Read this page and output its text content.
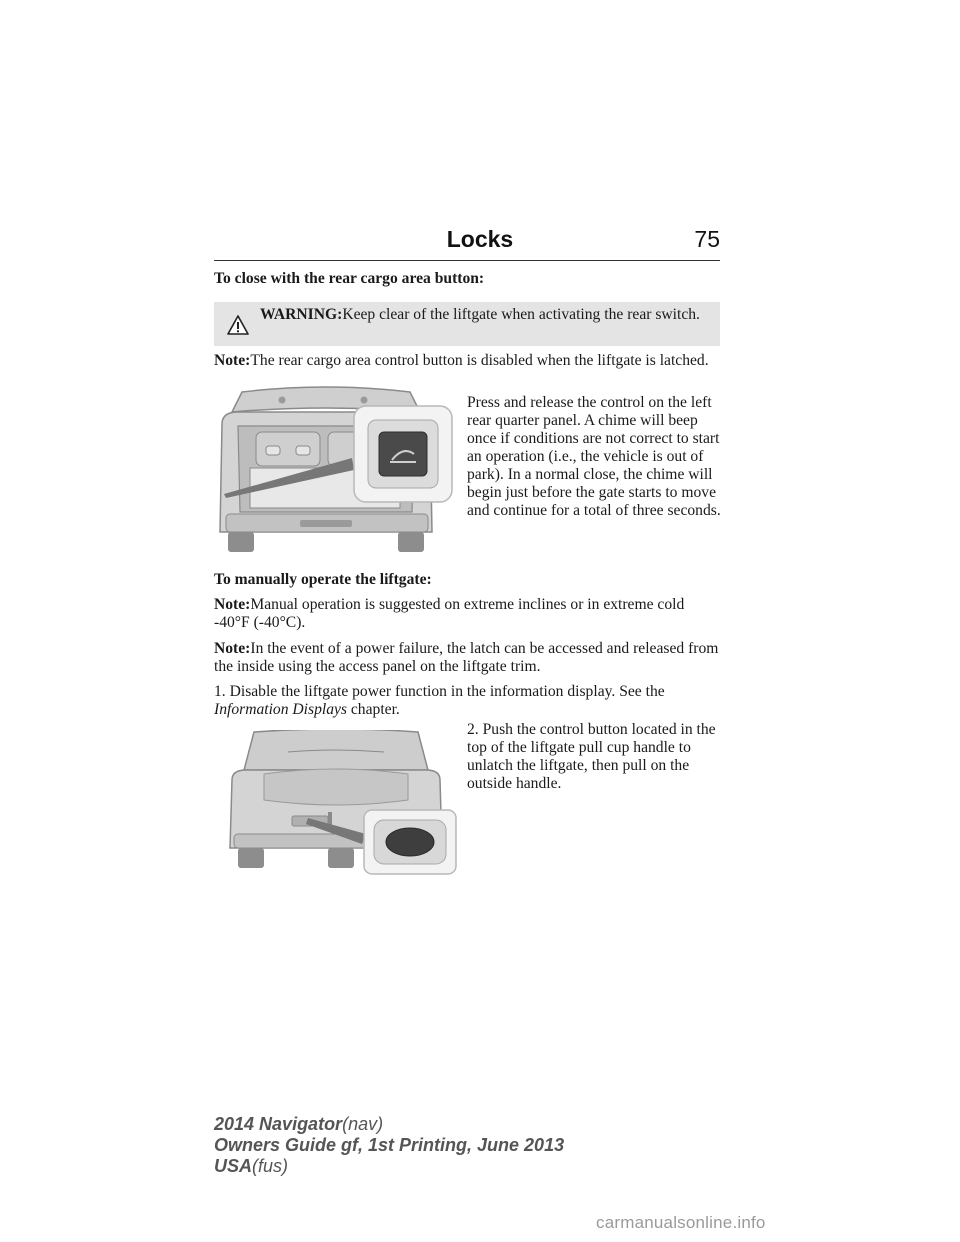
Locks	75
To close with the rear cargo area button:
WARNING:Keep clear of the liftgate when activating the rear switch.
Note:The rear cargo area control button is disabled when the liftgate is latched.
Press and release the control on the left rear quarter panel. A chime will beep once if conditions are not correct to start an operation (i.e., the vehicle is out of park). In a normal close, the chime will begin just before the gate starts to move and continue for a total of three seconds.
To manually operate the liftgate:
Note:Manual operation is suggested on extreme inclines or in extreme cold -40°F (-40°C).
Note:In the event of a power failure, the latch can be accessed and released from the inside using the access panel on the liftgate trim.
1. Disable the liftgate power function in the information display. See the Information Displays chapter.
2. Push the control button located in the top of the liftgate pull cup handle to unlatch the liftgate, then pull on the outside handle.
2014 Navigator(nav)
Owners Guide gf, 1st Printing, June 2013
USA(fus)
carmanualsonline.info
